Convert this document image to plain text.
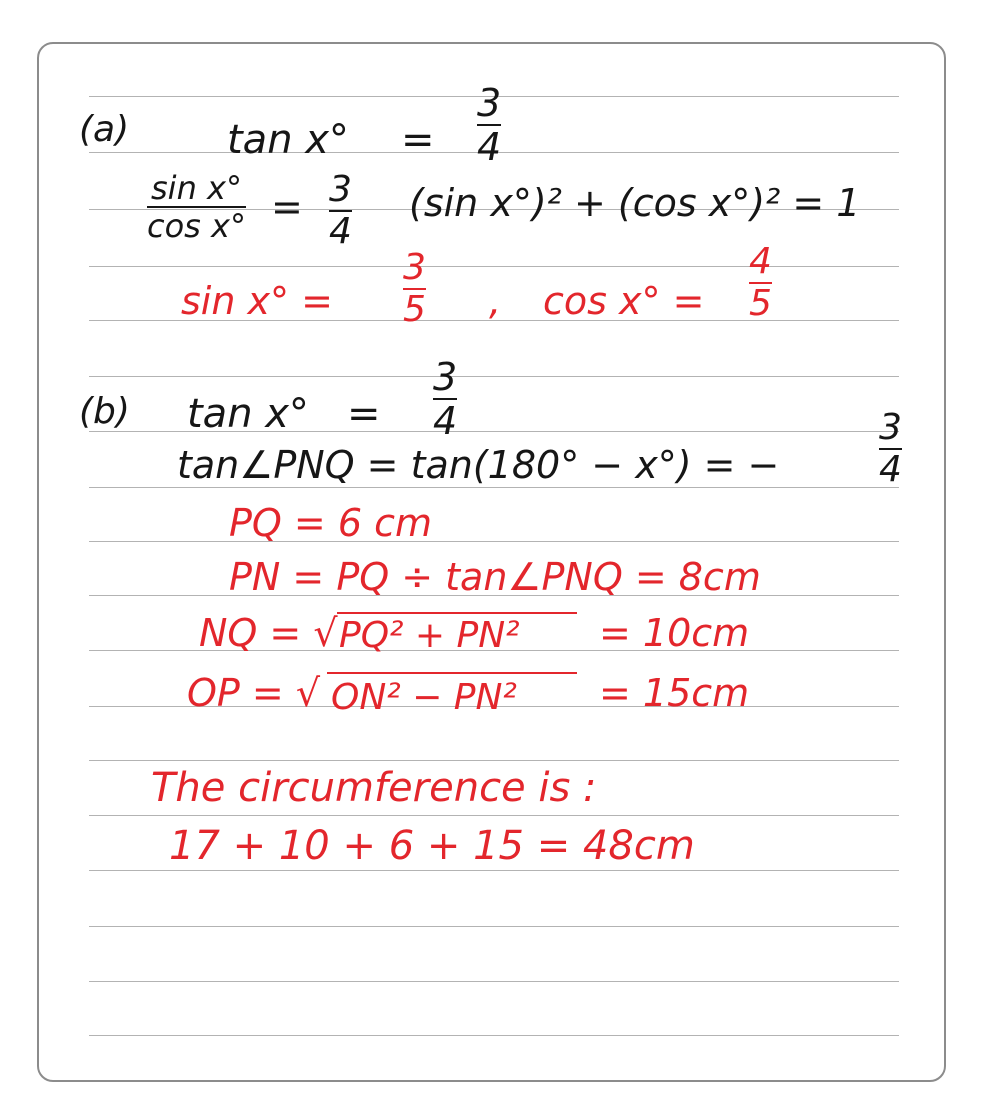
(a) tan x° =
3
4
sin x°
cos x° = 3
4
(sin x°)² + (cos x°)² = 1
sin x° =
3
5 , cos x° =
4
5
(b) tan x° =
3
4
tan∠PNQ = tan(180° − x°) = −
3
4
PQ = 6 cm
PN = PQ ÷ tan∠PNQ = 8cm
NQ = √ PQ² + PN² = 10cm
OP = √ ON² − PN² = 15cm
The circumference is :
17 + 10 + 6 + 15 = 48cm
